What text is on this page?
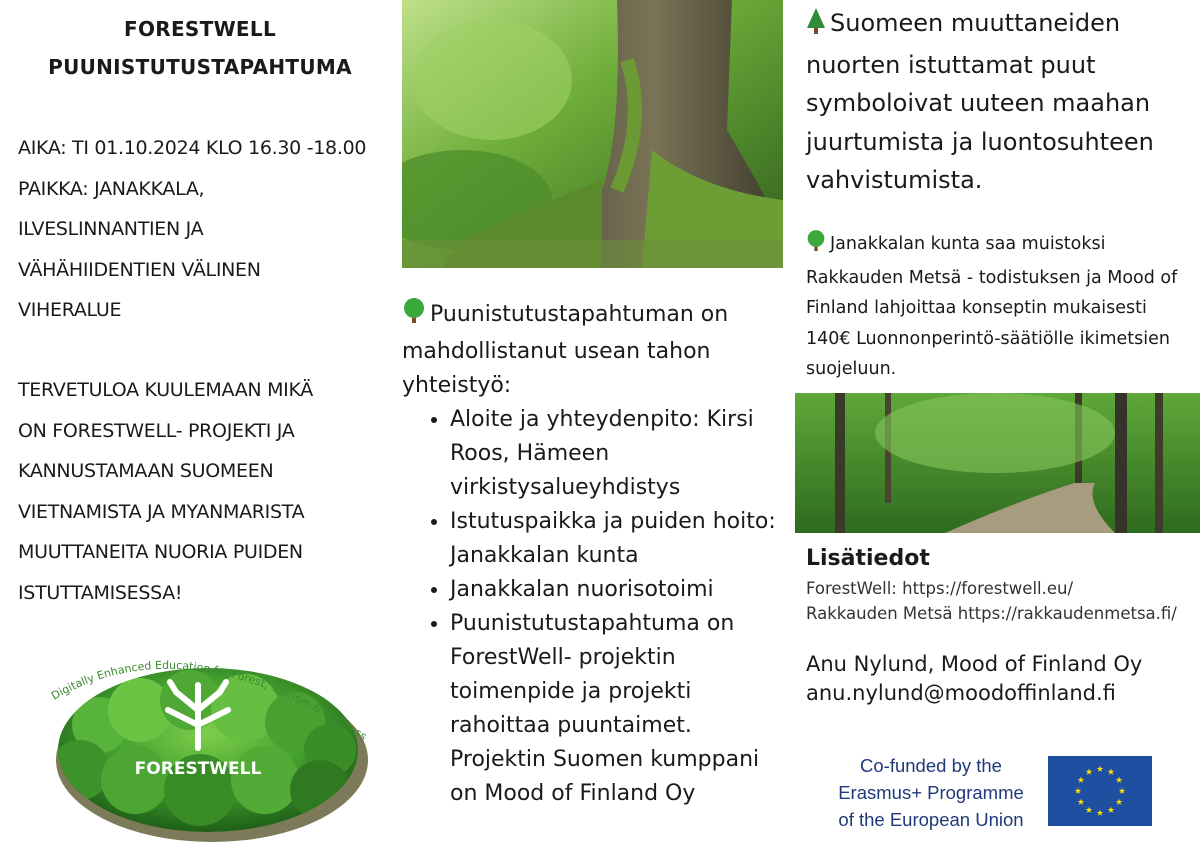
FORESTWELL
PUUNISTUTUSTAPAHTUMA

AIKA: TI 01.10.2024 KLO 16.30 -18.00

PAIKKA: JANAKKALA,

ILVESLINNANTIEN JA

VÄHÄHIIDENTIEN VÄLINEN

VIHERALUE

TERVETULOA KUULEMAAN MIKÄ
ON FORESTWELL- PROJEKTI JA
KANNUSTAMAAN SUOMEEN
VIETNAMISTA JA MYANMARISTA
MUUTTANEITA NUORIA PUIDEN
ISTUTTAMISESSA!
FORESTWELL
Digitally Enhanced Education for Forest, Tourism & Wellness
Puunistutustapahtuman on mahdollistanut usean tahon yhteistyö:
• Aloite ja yhteydenpito: Kirsi Roos, Hämeen virkistysalueyhdistys
• Istutuspaikka ja puiden hoito: Janakkalan kunta
• Janakkalan nuorisotoimi
• Puunistutustapahtuma on ForestWell- projektin toimenpide ja projekti rahoittaa puuntaimet. Projektin Suomen kumppani on Mood of Finland Oy
Suomeen muuttaneiden nuorten istuttamat puut symboloivat uuteen maahan juurtumista ja luontosuhteen vahvistumista.
Janakkalan kunta saa muistoksi Rakkauden Metsä - todistuksen ja Mood of Finland lahjoittaa konseptin mukaisesti 140€ Luonnonperintö-säätiölle ikimetsien suojeluun.
Lisätiedot
ForestWell: https://forestwell.eu/
Rakkauden Metsä https://rakkaudenmetsa.fi/
Anu Nylund, Mood of Finland Oy
anu.nylund@moodoffinland.fi
Co-funded by the
Erasmus+ Programme
of the European Union
